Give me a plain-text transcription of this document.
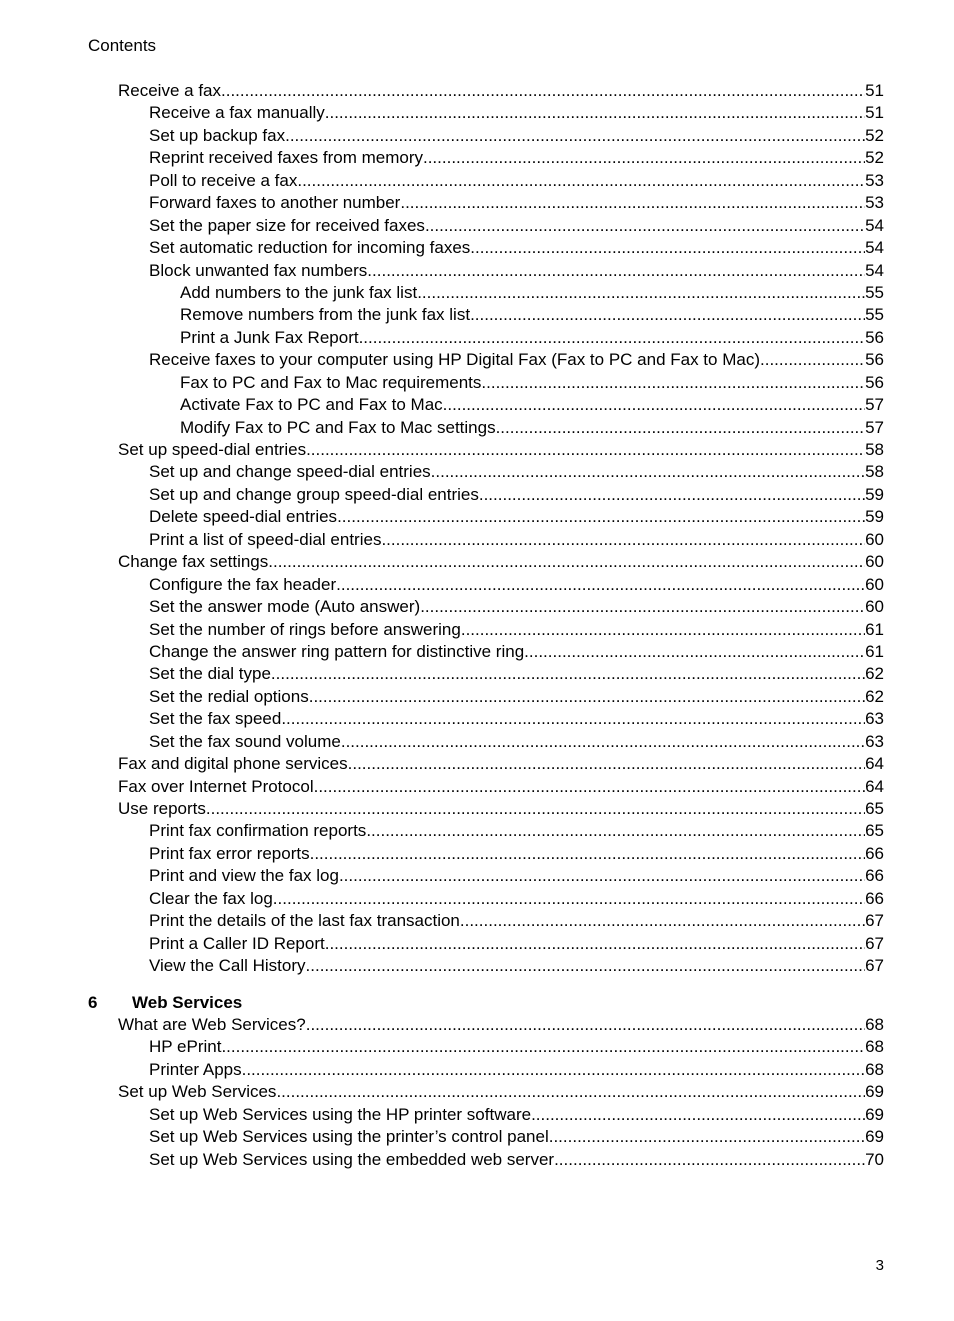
Contents
Receive a fax .....	51
Receive a fax manually .....	51
Set up backup fax .....	52
Reprint received faxes from memory .....	52
Poll to receive a fax .....	53
Forward faxes to another number .....	53
Set the paper size for received faxes .....	54
Set automatic reduction for incoming faxes .....	54
Block unwanted fax numbers .....	54
Add numbers to the junk fax list .....	55
Remove numbers from the junk fax list .....	55
Print a Junk Fax Report .....	56
Receive faxes to your computer using HP Digital Fax (Fax to PC and Fax to Mac) .....	56
Fax to PC and Fax to Mac requirements .....	56
Activate Fax to PC and Fax to Mac .....	57
Modify Fax to PC and Fax to Mac settings .....	57
Set up speed-dial entries .....	58
Set up and change speed-dial entries .....	58
Set up and change group speed-dial entries .....	59
Delete speed-dial entries .....	59
Print a list of speed-dial entries .....	60
Change fax settings .....	60
Configure the fax header .....	60
Set the answer mode (Auto answer) .....	60
Set the number of rings before answering .....	61
Change the answer ring pattern for distinctive ring .....	61
Set the dial type .....	62
Set the redial options .....	62
Set the fax speed .....	63
Set the fax sound volume .....	63
Fax and digital phone services .....	64
Fax over Internet Protocol .....	64
Use reports .....	65
Print fax confirmation reports .....	65
Print fax error reports .....	66
Print and view the fax log .....	66
Clear the fax log .....	66
Print the details of the last fax transaction .....	67
Print a Caller ID Report .....	67
View the Call History .....	67
6 Web Services
What are Web Services? .....	68
HP ePrint .....	68
Printer Apps .....	68
Set up Web Services .....	69
Set up Web Services using the HP printer software .....	69
Set up Web Services using the printer’s control panel .....	69
Set up Web Services using the embedded web server .....	70
3
